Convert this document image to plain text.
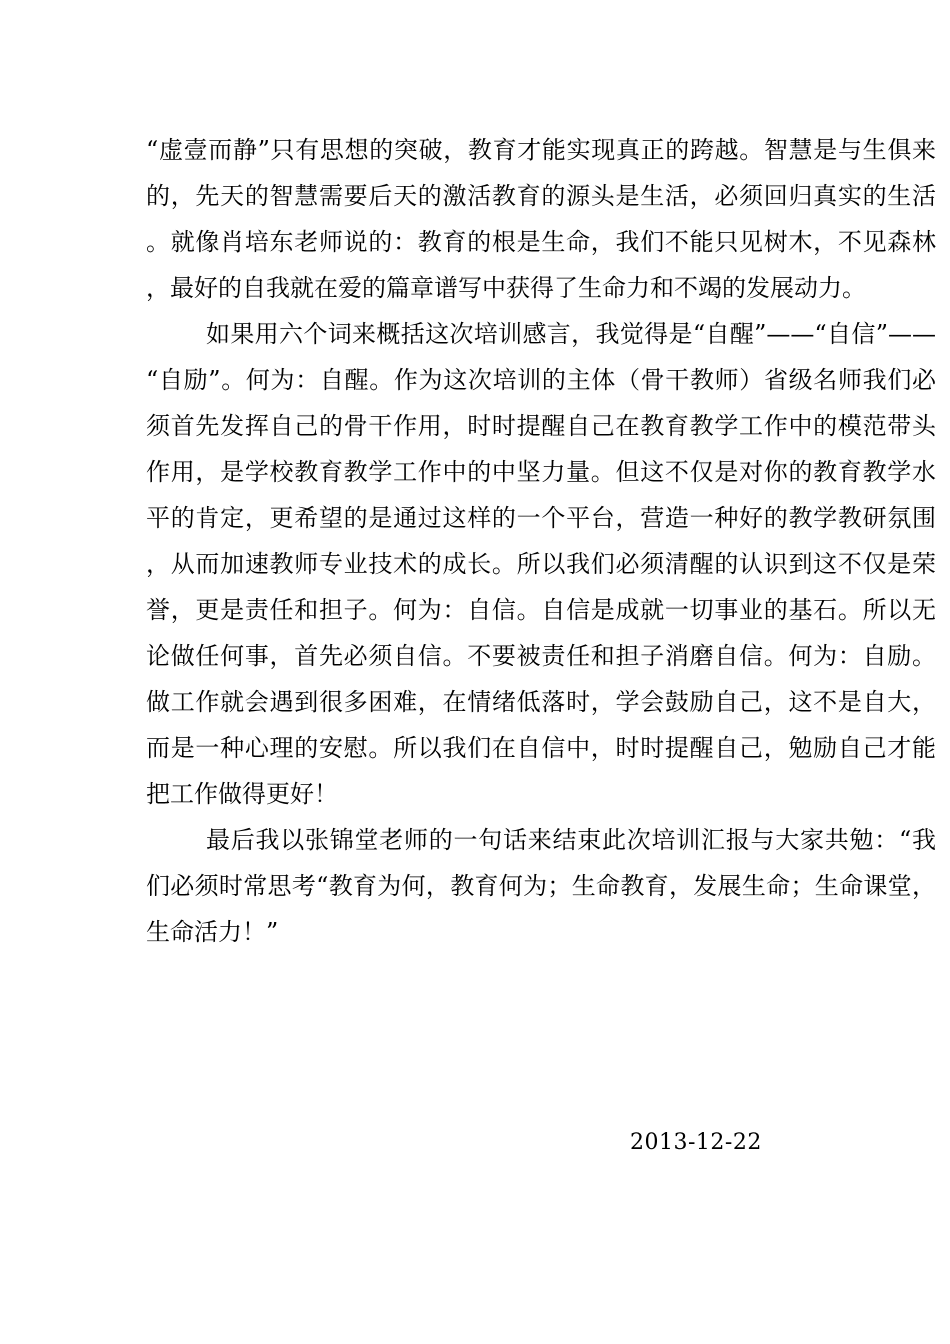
“虚壹而静”只有思想的突破，教育才能实现真正的跨越。智慧是与生俱来的，先天的智慧需要后天的激活教育的源头是生活，必须回归真实的生活。就像肖培东老师说的：教育的根是生命，我们不能只见树木，不见森林，最好的自我就在爱的篇章谱写中获得了生命力和不竭的发展动力。

如果用六个词来概括这次培训感言，我觉得是“自醒”——“自信”——“自励”。何为：自醒。作为这次培训的主体（骨干教师）省级名师我们必须首先发挥自己的骨干作用，时时提醒自己在教育教学工作中的模范带头作用，是学校教育教学工作中的中坚力量。但这不仅是对你的教育教学水平的肯定，更希望的是通过这样的一个平台，营造一种好的教学教研氛围，从而加速教师专业技术的成长。所以我们必须清醒的认识到这不仅是荣誉，更是责任和担子。何为：自信。自信是成就一切事业的基石。所以无论做任何事，首先必须自信。不要被责任和担子消磨自信。何为：自励。做工作就会遇到很多困难，在情绪低落时，学会鼓励自己，这不是自大，而是一种心理的安慰。所以我们在自信中，时时提醒自己，勉励自己才能把工作做得更好！

最后我以张锦堂老师的一句话来结束此次培训汇报与大家共勉：“我们必须时常思考“教育为何，教育何为；生命教育，发展生命；生命课堂，生命活力！”

2013-12-22
